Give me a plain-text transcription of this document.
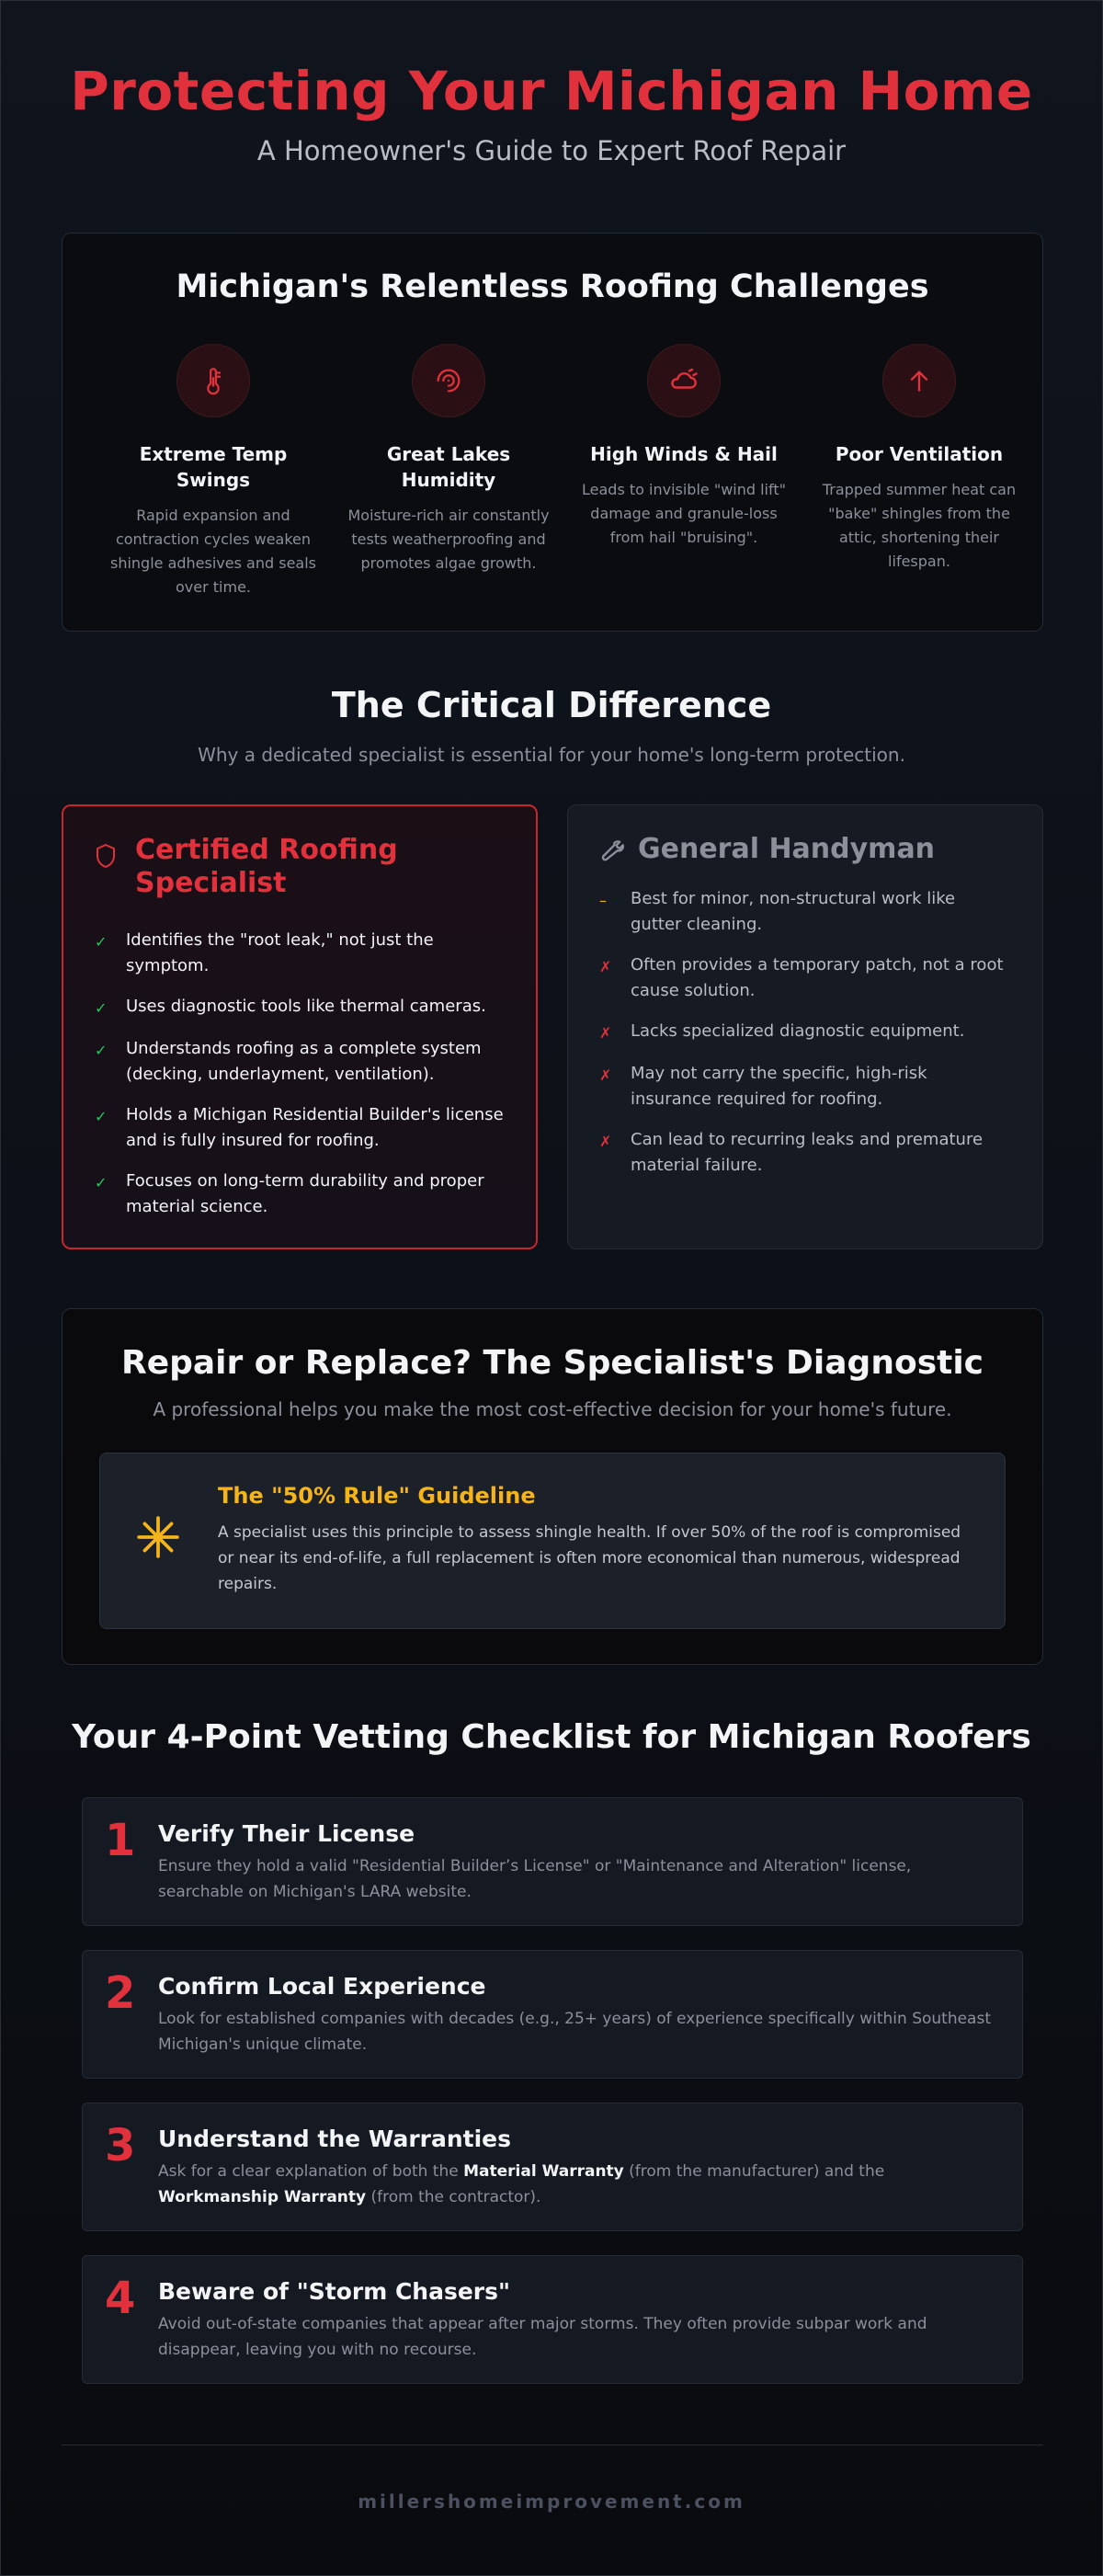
Protecting Your Michigan Home
A Homeowner's Guide to Expert Roof Repair
Michigan's Relentless Roofing Challenges
Extreme Temp Swings
Rapid expansion and contraction cycles weaken shingle adhesives and seals over time.
Great Lakes Humidity
Moisture-rich air constantly tests weatherproofing and promotes algae growth.
High Winds & Hail
Leads to invisible "wind lift" damage and granule-loss from hail "bruising".
Poor Ventilation
Trapped summer heat can "bake" shingles from the attic, shortening their lifespan.
The Critical Difference
Why a dedicated specialist is essential for your home's long-term protection.
Certified Roofing Specialist
✓ Identifies the "root leak," not just the symptom.
✓ Uses diagnostic tools like thermal cameras.
✓ Understands roofing as a complete system (decking, underlayment, ventilation).
✓ Holds a Michigan Residential Builder's license and is fully insured for roofing.
✓ Focuses on long-term durability and proper material science.
General Handyman
–	Best for minor, non-structural work like gutter cleaning.
✗ Often provides a temporary patch, not a root cause solution.
✗ Lacks specialized diagnostic equipment.
✗ May not carry the specific, high-risk insurance required for roofing.
✗ Can lead to recurring leaks and premature material failure.
Repair or Replace? The Specialist's Diagnostic
A professional helps you make the most cost-effective decision for your home's future.
The "50% Rule" Guideline
A specialist uses this principle to assess shingle health. If over 50% of the roof is compromised or near its end-of-life, a full replacement is often more economical than numerous, widespread repairs.
Your 4-Point Vetting Checklist for Michigan Roofers
1 Verify Their License
Ensure they hold a valid "Residential Builder’s License" or "Maintenance and Alteration" license, searchable on Michigan's LARA website.
2 Confirm Local Experience
Look for established companies with decades (e.g., 25+ years) of experience specifically within Southeast Michigan's unique climate.
3 Understand the Warranties
Ask for a clear explanation of both the Material Warranty (from the manufacturer) and the Workmanship Warranty (from the contractor).
4 Beware of "Storm Chasers"
Avoid out-of-state companies that appear after major storms. They often provide subpar work and disappear, leaving you with no recourse.
millershomeimprovement.com
